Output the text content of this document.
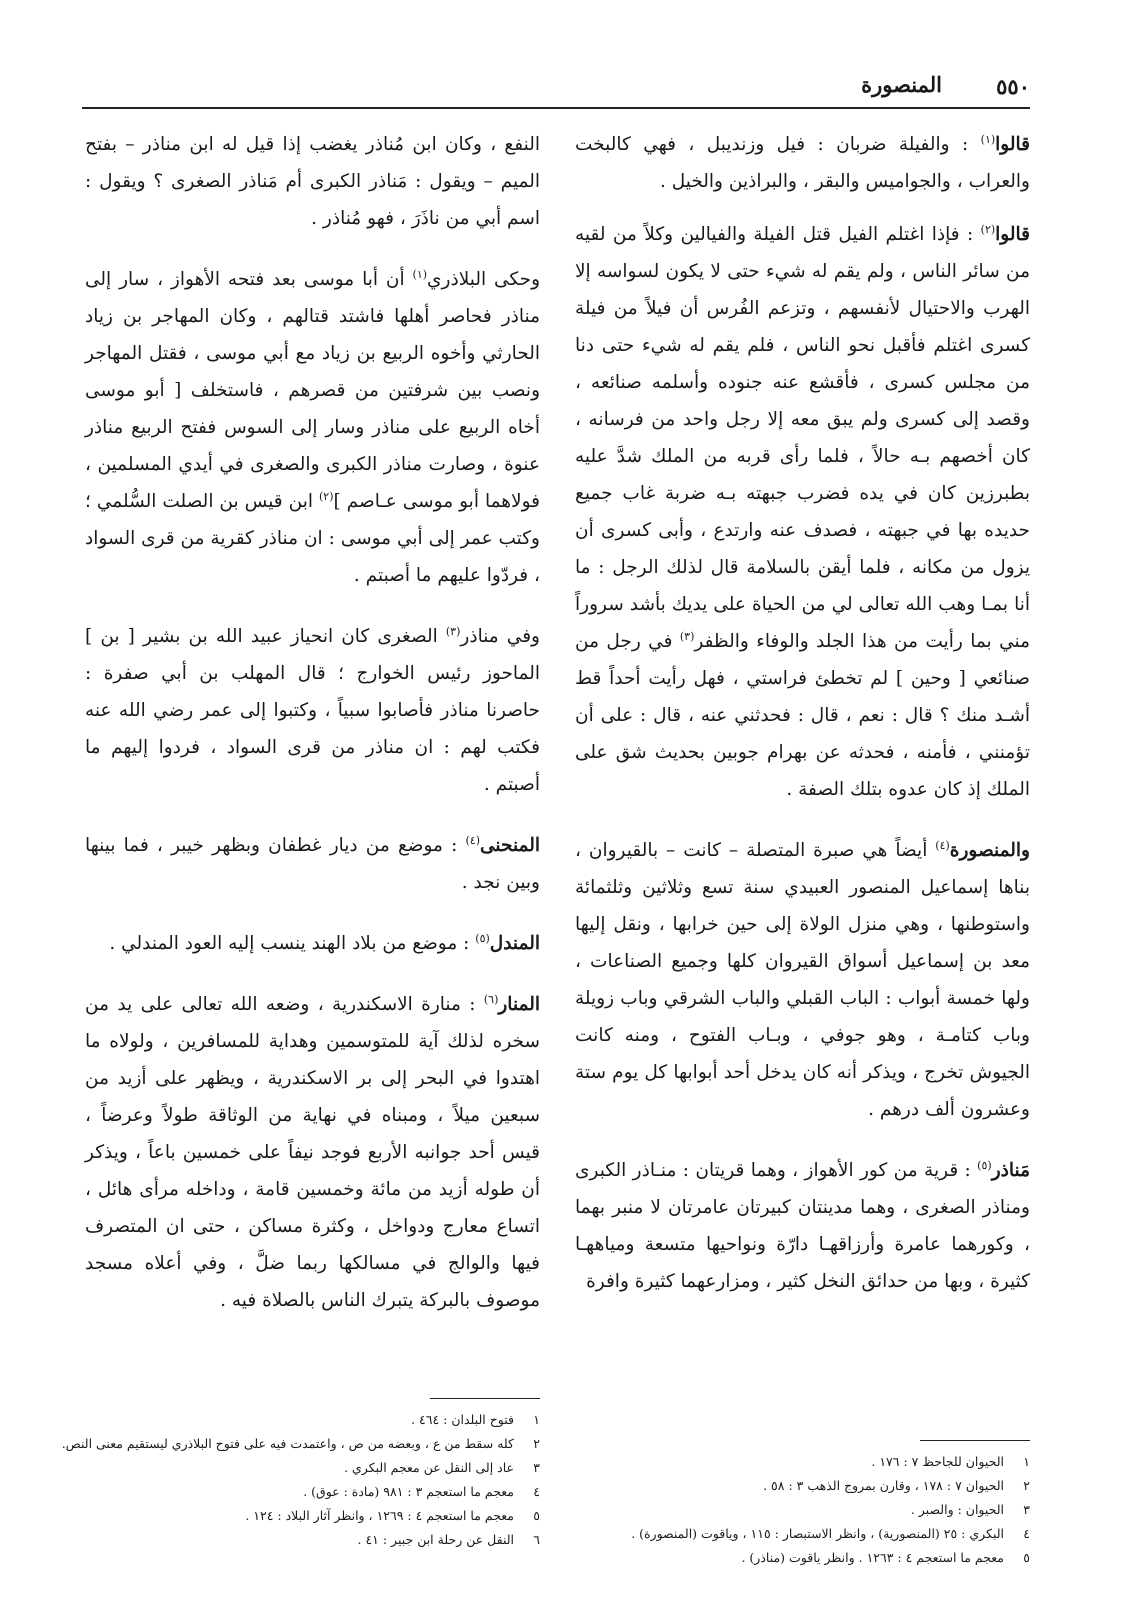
٥٥٠
المنصورة

قالوا$^{(١)}$ : والفيلة ضربان : فيل وزنديبل ، فهي كالبخت والعراب ، والجواميس والبقر ، والبراذين والخيل .

قالوا$^{(٢)}$ : فإذا اغتلم الفيل قتل الفيلة والفيالين وكلاً من لقيه من سائر الناس ، ولم يقم له شيء حتى لا يكون لسواسه إلا الهرب والاحتيال لأنفسهم ، وتزعم الفُرس أن فيلاً من فيلة كسرى اغتلم فأقبل نحو الناس ، فلم يقم له شيء حتى دنا من مجلس كسرى ، فأقشع عنه جنوده وأسلمه صنائعه ، وقصد إلى كسرى ولم يبق معه إلا رجل واحد من فرسانه ، كان أخصهم بـه حالاً ، فلما رأى قربه من الملك شدَّ عليه بطبرزين كان في يده فضرب جبهته بـه ضربة غاب جميع حديده بها في جبهته ، فصدف عنه وارتدع ، وأبى كسرى أن يزول من مكانه ، فلما أيقن بالسلامة قال لذلك الرجل : ما أنا بمـا وهب الله تعالى لي من الحياة على يديك بأشد سروراً مني بما رأيت من هذا الجلد والوفاء والظفر$^{(٣)}$ في رجل من صنائعي [ وحين ] لم تخطئ فراستي ، فهل رأيت أحداً قط أشـد منك ؟ قال : نعم ، قال : فحدثني عنه ، قال : على أن تؤمنني ، فأمنه ، فحدثه عن بهرام جوبين بحديث شق على الملك إذ كان عدوه بتلك الصفة .

والمنصورة$^{(٤)}$ أيضاً هي صبرة المتصلة – كانت – بالقيروان ، بناها إسماعيل المنصور العبيدي سنة تسع وثلاثين وثلثمائة واستوطنها ، وهي منزل الولاة إلى حين خرابها ، ونقل إليها معد بن إسماعيل أسواق القيروان كلها وجميع الصناعات ، ولها خمسة أبواب : الباب القبلي والباب الشرقي وباب زويلة وباب كتامـة ، وهو جوفي ، وبـاب الفتوح ، ومنه كانت الجيوش تخرج ، ويذكر أنه كان يدخل أحد أبوابها كل يوم ستة وعشرون ألف درهم .

مَناذر$^{(٥)}$ : قرية من كور الأهواز ، وهما قريتان : منـاذر الكبرى ومناذر الصغرى ، وهما مدينتان كبيرتان عامرتان لا منبر بهما ، وكورهما عامرة وأرزاقهـا دارّة ونواحيها متسعة ومياههـا كثيرة ، وبها من حدائق النخل كثير ، ومزارعهما كثيرة وافرة

١
الحيوان للجاحظ ٧ : ١٧٦ .
٢
الحيوان ٧ : ١٧٨ ، وقارن بمروج الذهب ٣ : ٥٨ .
٣
الحيوان : والصبر .
٤
البكري : ٢٥ (المنصورية) ، وانظر الاستبصار : ١١٥ ، وياقوت (المنصورة) .
٥
معجم ما استعجم ٤ : ١٢٦٣ . وانظر ياقوت (مناذر) .

النفع ، وكان ابن مُناذر يغضب إذا قيل له ابن مناذر – بفتح الميم – ويقول : مَناذر الكبرى أم مَناذر الصغرى ؟ ويقول : اسم أبي من ناذَرَ ، فهو مُناذر .

وحكى البلاذري$^{(١)}$ أن أبا موسى بعد فتحه الأهواز ، سار إلى مناذر فحاصر أهلها فاشتد قتالهم ، وكان المهاجر بن زياد الحارثي وأخوه الربيع بن زياد مع أبي موسى ، فقتل المهاجر ونصب بين شرفتين من قصرهم ، فاستخلف [ أبو موسى أخاه الربيع على مناذر وسار إلى السوس ففتح الربيع مناذر عنوة ، وصارت مناذر الكبرى والصغرى في أيدي المسلمين ، فولاهما أبو موسى عـاصم ]$^{(٢)}$ ابن قيس بن الصلت السُّلمي ؛ وكتب عمر إلى أبي موسى : ان مناذر كقرية من قرى السواد ، فردّوا عليهم ما أصبتم .

وفي مناذر$^{(٣)}$ الصغرى كان انحياز عبيد الله بن بشير [ بن ] الماحوز رئيس الخوارج ؛ قال المهلب بن أبي صفرة : حاصرنا مناذر فأصابوا سبياً ، وكتبوا إلى عمر رضي الله عنه فكتب لهم : ان مناذر من قرى السواد ، فردوا إليهم ما أصبتم .

المنحنى$^{(٤)}$ : موضع من ديار غطفان وبظهر خيبر ، فما بينها وبين نجد .

المندل$^{(٥)}$ : موضع من بلاد الهند ينسب إليه العود المندلي .

المنار$^{(٦)}$ : منارة الاسكندرية ، وضعه الله تعالى على يد من سخره لذلك آية للمتوسمين وهداية للمسافرين ، ولولاه ما اهتدوا في البحر إلى بر الاسكندرية ، ويظهر على أزيد من سبعين ميلاً ، ومبناه في نهاية من الوثاقة طولاً وعرضاً ، قيس أحد جوانبه الأربع فوجد نيفاً على خمسين باعاً ، ويذكر أن طوله أزيد من مائة وخمسين قامة ، وداخله مرأى هائل ، اتساع معارج ودواخل ، وكثرة مساكن ، حتى ان المتصرف فيها والوالج في مسالكها ربما ضلَّ ، وفي أعلاه مسجد موصوف بالبركة يتبرك الناس بالصلاة فيه .

١
فتوح البلدان : ٤٦٤ .
٢
كله سقط من ع ، وبعضه من ص ، واعتمدت فيه على فتوح البلاذري ليستقيم معنى النص.
٣
عاد إلى النقل عن معجم البكري .
٤
معجم ما استعجم ٣ : ٩٨١ (مادة : عوق) .
٥
معجم ما استعجم ٤ : ١٢٦٩ ، وانظر آثار البلاد : ١٢٤ .
٦
النقل عن رحلة ابن جبير : ٤١ .
